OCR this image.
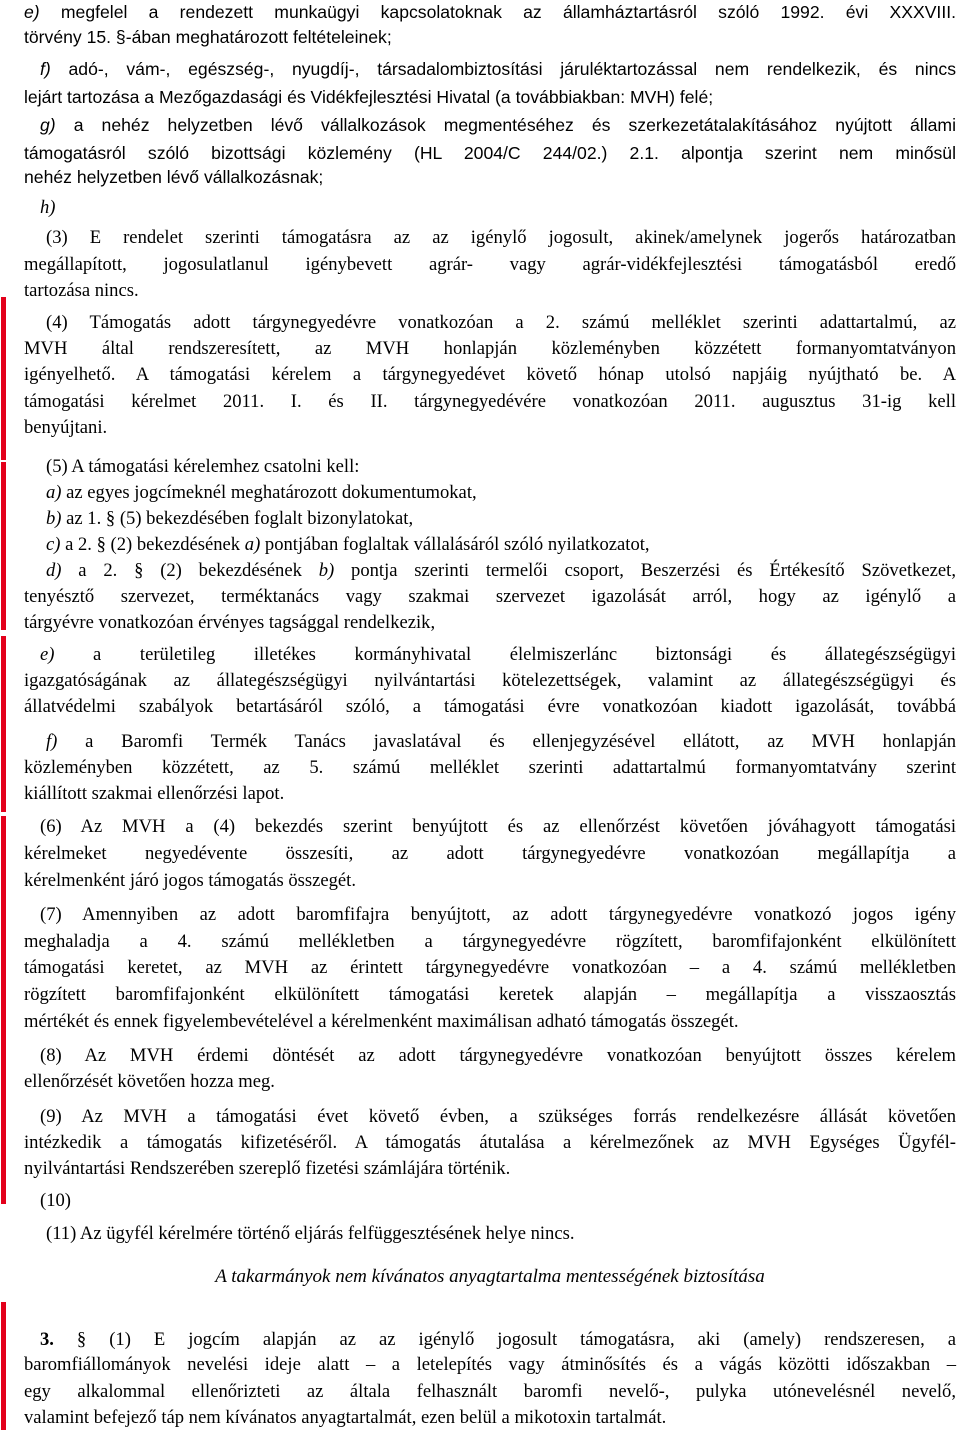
e) megfelel a rendezett munkaügyi kapcsolatoknak az államháztartásról szóló 1992. évi XXXVIII.
törvény 15. §-ában meghatározott feltételeinek;
f) adó-, vám-, egészség-, nyugdíj-, társadalombiztosítási járuléktartozással nem rendelkezik, és nincs
lejárt tartozása a Mezőgazdasági és Vidékfejlesztési Hivatal (a továbbiakban: MVH) felé;
g) a nehéz helyzetben lévő vállalkozások megmentéséhez és szerkezetátalakításához nyújtott állami
támogatásról szóló bizottsági közlemény (HL 2004/C 244/02.) 2.1. alpontja szerint nem minősül
nehéz helyzetben lévő vállalkozásnak;
h)
(3) E rendelet szerinti támogatásra az az igénylő jogosult, akinek/amelynek jogerős határozatban
megállapított, jogosulatlanul igénybevett agrár- vagy agrár-vidékfejlesztési támogatásból eredő
tartozása nincs.
(4) Támogatás adott tárgynegyedévre vonatkozóan a 2. számú melléklet szerinti adattartalmú, az
MVH által rendszeresített, az MVH honlapján közleményben közzétett formanyomtatványon
igényelhető. A támogatási kérelem a tárgynegyedévet követő hónap utolsó napjáig nyújtható be. A
támogatási kérelmet 2011. I. és II. tárgynegyedévére vonatkozóan 2011. augusztus 31-ig kell
benyújtani.
(5) A támogatási kérelemhez csatolni kell:
a) az egyes jogcímeknél meghatározott dokumentumokat,
b) az 1. § (5) bekezdésében foglalt bizonylatokat,
c) a 2. § (2) bekezdésének a) pontjában foglaltak vállalásáról szóló nyilatkozatot,
d) a 2. § (2) bekezdésének b) pontja szerinti termelői csoport, Beszerzési és Értékesítő Szövetkezet,
tenyésztő szervezet, terméktanács vagy szakmai szervezet igazolását arról, hogy az igénylő a
tárgyévre vonatkozóan érvényes tagsággal rendelkezik,
e) a területileg illetékes kormányhivatal élelmiszerlánc biztonsági és állategészségügyi
igazgatóságának az állategészségügyi nyilvántartási kötelezettségek, valamint az állategészségügyi és
állatvédelmi szabályok betartásáról szóló, a támogatási évre vonatkozóan kiadott igazolását, továbbá
f) a Baromfi Termék Tanács javaslatával és ellenjegyzésével ellátott, az MVH honlapján
közleményben közzétett, az 5. számú melléklet szerinti adattartalmú formanyomtatvány szerint
kiállított szakmai ellenőrzési lapot.
(6) Az MVH a (4) bekezdés szerint benyújtott és az ellenőrzést követően jóváhagyott támogatási
kérelmeket negyedévente összesíti, az adott tárgynegyedévre vonatkozóan megállapítja a
kérelmenként járó jogos támogatás összegét.
(7) Amennyiben az adott baromfifajra benyújtott, az adott tárgynegyedévre vonatkozó jogos igény
meghaladja a 4. számú mellékletben a tárgynegyedévre rögzített, baromfifajonként elkülönített
támogatási keretet, az MVH az érintett tárgynegyedévre vonatkozóan – a 4. számú mellékletben
rögzített baromfifajonként elkülönített támogatási keretek alapján – megállapítja a visszaosztás
mértékét és ennek figyelembevételével a kérelmenként maximálisan adható támogatás összegét.
(8) Az MVH érdemi döntését az adott tárgynegyedévre vonatkozóan benyújtott összes kérelem
ellenőrzését követően hozza meg.
(9) Az MVH a támogatási évet követő évben, a szükséges forrás rendelkezésre állását követően
intézkedik a támogatás kifizetéséről. A támogatás átutalása a kérelmezőnek az MVH Egységes Ügyfél-
nyilvántartási Rendszerében szereplő fizetési számlájára történik.
(10)
(11) Az ügyfél kérelmére történő eljárás felfüggesztésének helye nincs.
A takarmányok nem kívánatos anyagtartalma mentességének biztosítása
3. § (1) E jogcím alapján az az igénylő jogosult támogatásra, aki (amely) rendszeresen, a
baromfiállományok nevelési ideje alatt – a letelepítés vagy átminősítés és a vágás közötti időszakban –
egy alkalommal ellenőrizteti az általa felhasznált baromfi nevelő-, pulyka utónevelésnél nevelő,
valamint befejező táp nem kívánatos anyagtartalmát, ezen belül a mikotoxin tartalmát.
